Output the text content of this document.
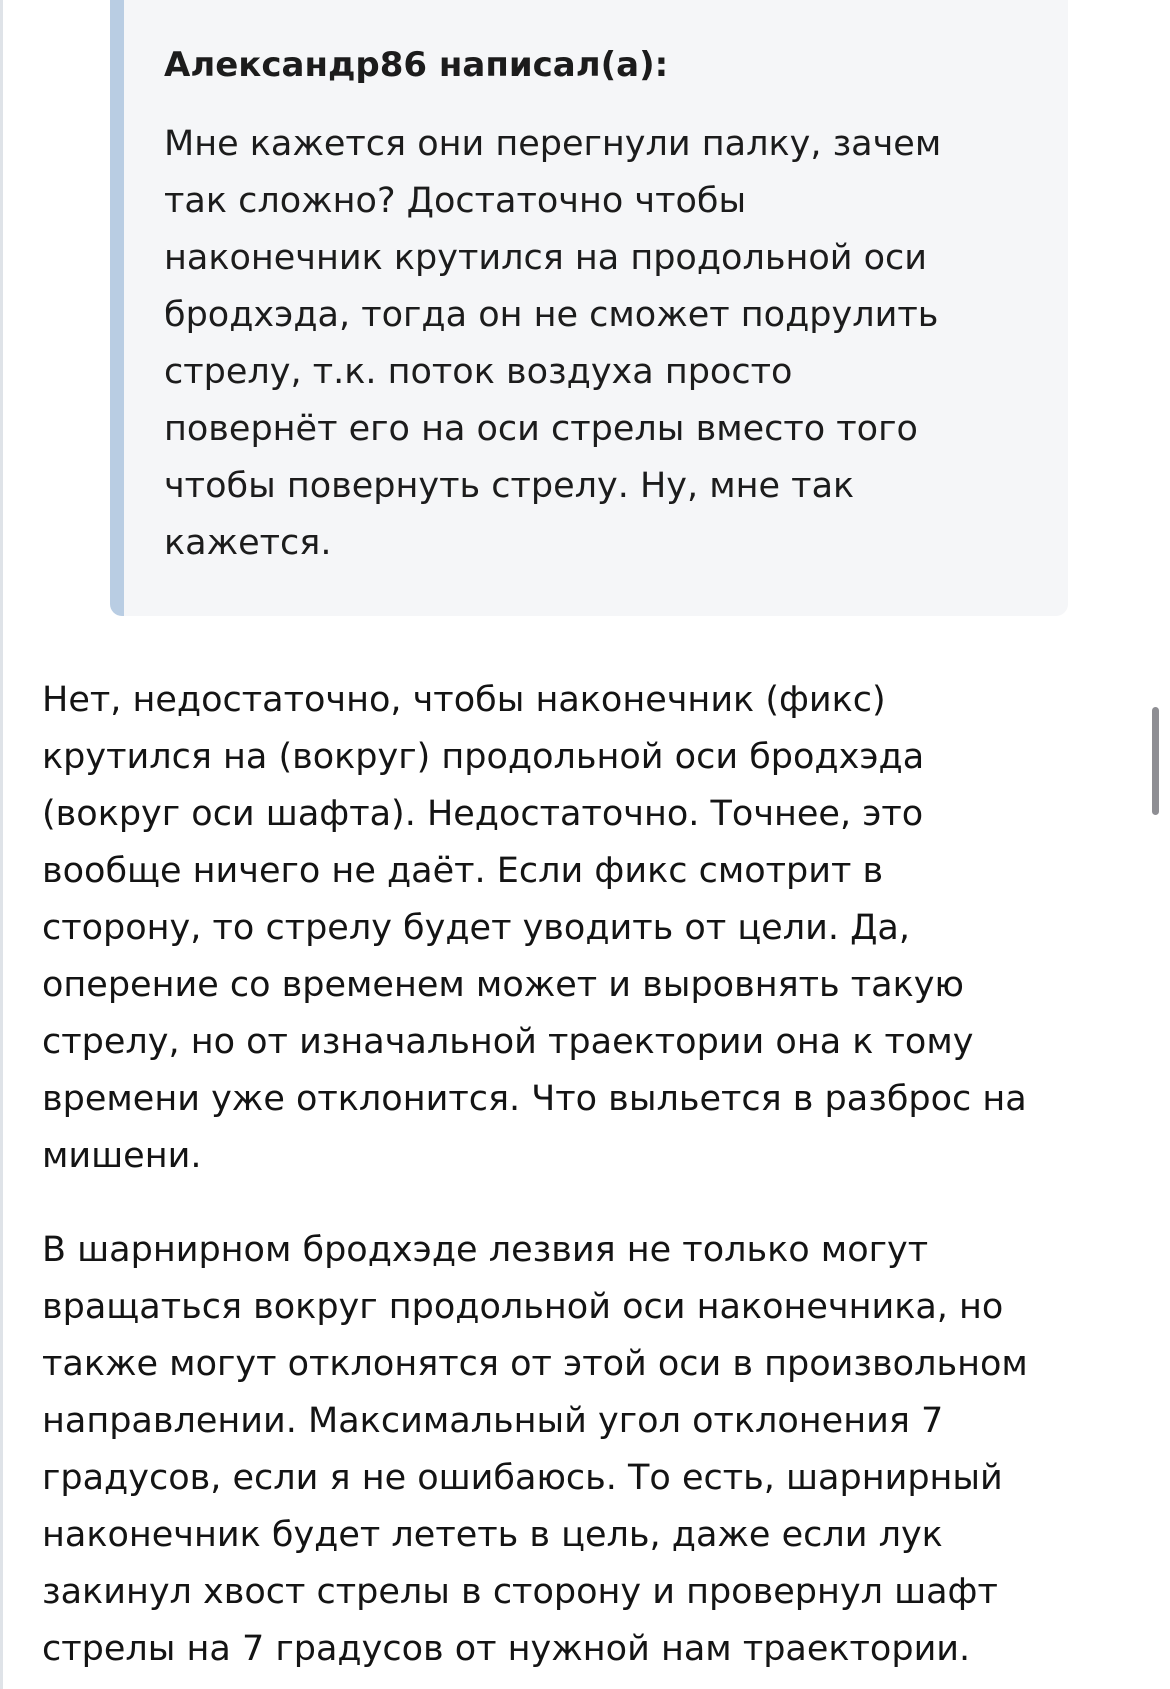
Александр86 написал(а):

Мне кажется они перегнули палку, зачем
так сложно? Достаточно чтобы
наконечник крутился на продольной оси
бродхэда, тогда он не сможет подрулить
стрелу, т.к. поток воздуха просто
повернёт его на оси стрелы вместо того
чтобы повернуть стрелу. Ну, мне так
кажется.

Нет, недостаточно, чтобы наконечник (фикс)
крутился на (вокруг) продольной оси бродхэда
(вокруг оси шафта). Недостаточно. Точнее, это
вообще ничего не даёт. Если фикс смотрит в
сторону, то стрелу будет уводить от цели. Да,
оперение со временем может и выровнять такую
стрелу, но от изначальной траектории она к тому
времени уже отклонится. Что выльется в разброс на
мишени.

В шарнирном бродхэде лезвия не только могут
вращаться вокруг продольной оси наконечника, но
также могут отклонятся от этой оси в произвольном
направлении. Максимальный угол отклонения 7
градусов, если я не ошибаюсь. То есть, шарнирный
наконечник будет лететь в цель, даже если лук
закинул хвост стрелы в сторону и провернул шафт
стрелы на 7 градусов от нужной нам траектории.
